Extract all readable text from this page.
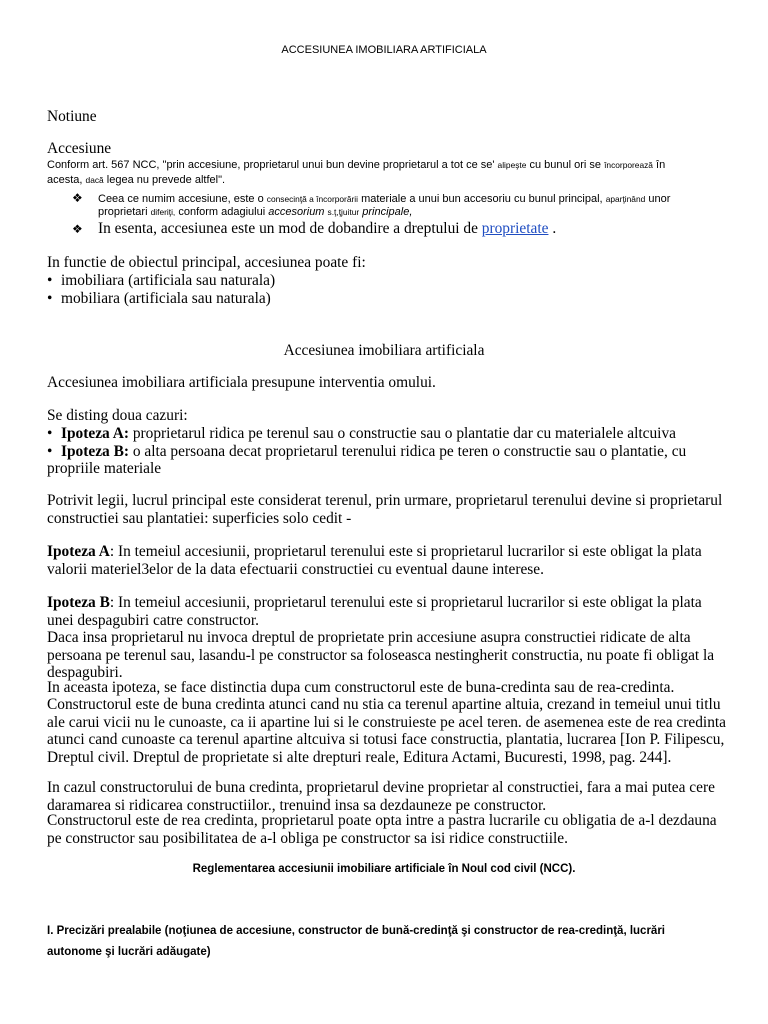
ACCESIUNEA IMOBILIARA ARTIFICIALA
Notiune
Accesiune
Conform art. 567 NCC, "prin accesiune, proprietarul unui bun devine proprietarul a tot ce se' alipeşte cu bunul ori se încorporează în
acesta, dacă legea nu prevede altfel".
❖ Ceea ce numim accesiune, este o consecinţă a încorporării materiale a unui bun accesoriu cu bunul principal, aparţinând unor
proprietari diferiţi, conform adagiului accesorium s.ţ,ţjuitur principale,
❖ In esenta, accesiunea este un mod de dobandire a dreptului de proprietate .
In functie de obiectul principal, accesiunea poate fi:
• imobiliara (artificiala sau naturala)
• mobiliara (artificiala sau naturala)
Accesiunea imobiliara artificiala
Accesiunea imobiliara artificiala presupune interventia omului.
Se disting doua cazuri:
• Ipoteza A: proprietarul ridica pe terenul sau o constructie sau o plantatie dar cu materialele altcuiva
• Ipoteza B: o alta persoana decat proprietarul terenului ridica pe teren o constructie sau o plantatie, cu
propriile materiale
Potrivit legii, lucrul principal este considerat terenul, prin urmare, proprietarul terenului devine si proprietarul constructiei sau plantatiei: superficies solo cedit -
Ipoteza A: In temeiul accesiunii, proprietarul terenului este si proprietarul lucrarilor si este obligat la plata valorii materiel3elor de la data efectuarii constructiei cu eventual daune interese.
Ipoteza B: In temeiul accesiunii, proprietarul terenului este si proprietarul lucrarilor si este obligat la plata unei despagubiri catre constructor.
Daca insa proprietarul nu invoca dreptul de proprietate prin accesiune asupra constructiei ridicate de alta persoana pe terenul sau, lasandu-l pe constructor sa foloseasca nestingherit constructia, nu poate fi obligat la despagubiri.
In aceasta ipoteza, se face distinctia dupa cum constructorul este de buna-credinta sau de rea-credinta.
Constructorul este de buna credinta atunci cand nu stia ca terenul apartine altuia, crezand in temeiul unui titlu ale carui vicii nu le cunoaste, ca ii apartine lui si le construieste pe acel teren. de asemenea este de rea credinta atunci cand cunoaste ca terenul apartine altcuiva si totusi face constructia, plantatia, lucrarea [Ion P. Filipescu, Dreptul civil. Dreptul de proprietate si alte drepturi reale, Editura Actami, Bucuresti, 1998, pag. 244].
In cazul constructorului de buna credinta, proprietarul devine proprietar al constructiei, fara a mai putea cere daramarea si ridicarea constructiilor., trenuind insa sa dezdauneze pe constructor.
Constructorul este de rea credinta, proprietarul poate opta intre a pastra lucrarile cu obligatia de a-l dezdauna pe constructor sau posibilitatea de a-l obliga pe constructor sa isi ridice constructiile.
Reglementarea accesiunii imobiliare artificiale în Noul cod civil (NCC).
I. Precizări prealabile (noţiunea de accesiune, constructor de bună-credinţă şi constructor de rea-credinţă, lucrări
autonome şi lucrări adăugate)
